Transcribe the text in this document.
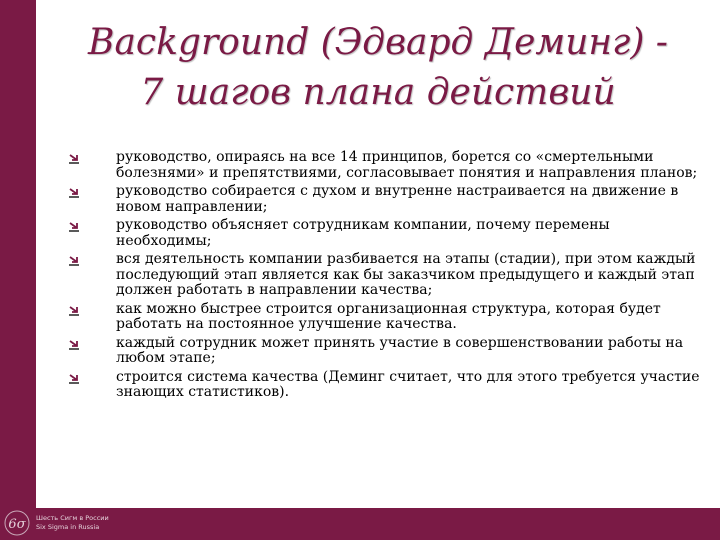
Background (Эдвард Деминг) -
7 шагов плана действий
руководство, опираясь на все 14 принципов, борется со «смертельными болезнями» и препятствиями, согласовывает понятия и направления планов;
руководство собирается с духом и внутренне настраивается на движение в новом направлении;
руководство объясняет сотрудникам компании, почему перемены необходимы;
вся деятельность компании разбивается на этапы (стадии), при этом каждый последующий этап является как бы заказчиком предыдущего и каждый этап должен работать в направлении качества;
как можно быстрее строится организационная структура, которая будет работать на постоянное улучшение качества.
каждый сотрудник может принять участие в совершенствовании работы на любом этапе;
строится система качества (Деминг считает, что для этого требуется участие знающих статистиков).
6σ Шесть Сигм в России
Six Sigma in Russia
